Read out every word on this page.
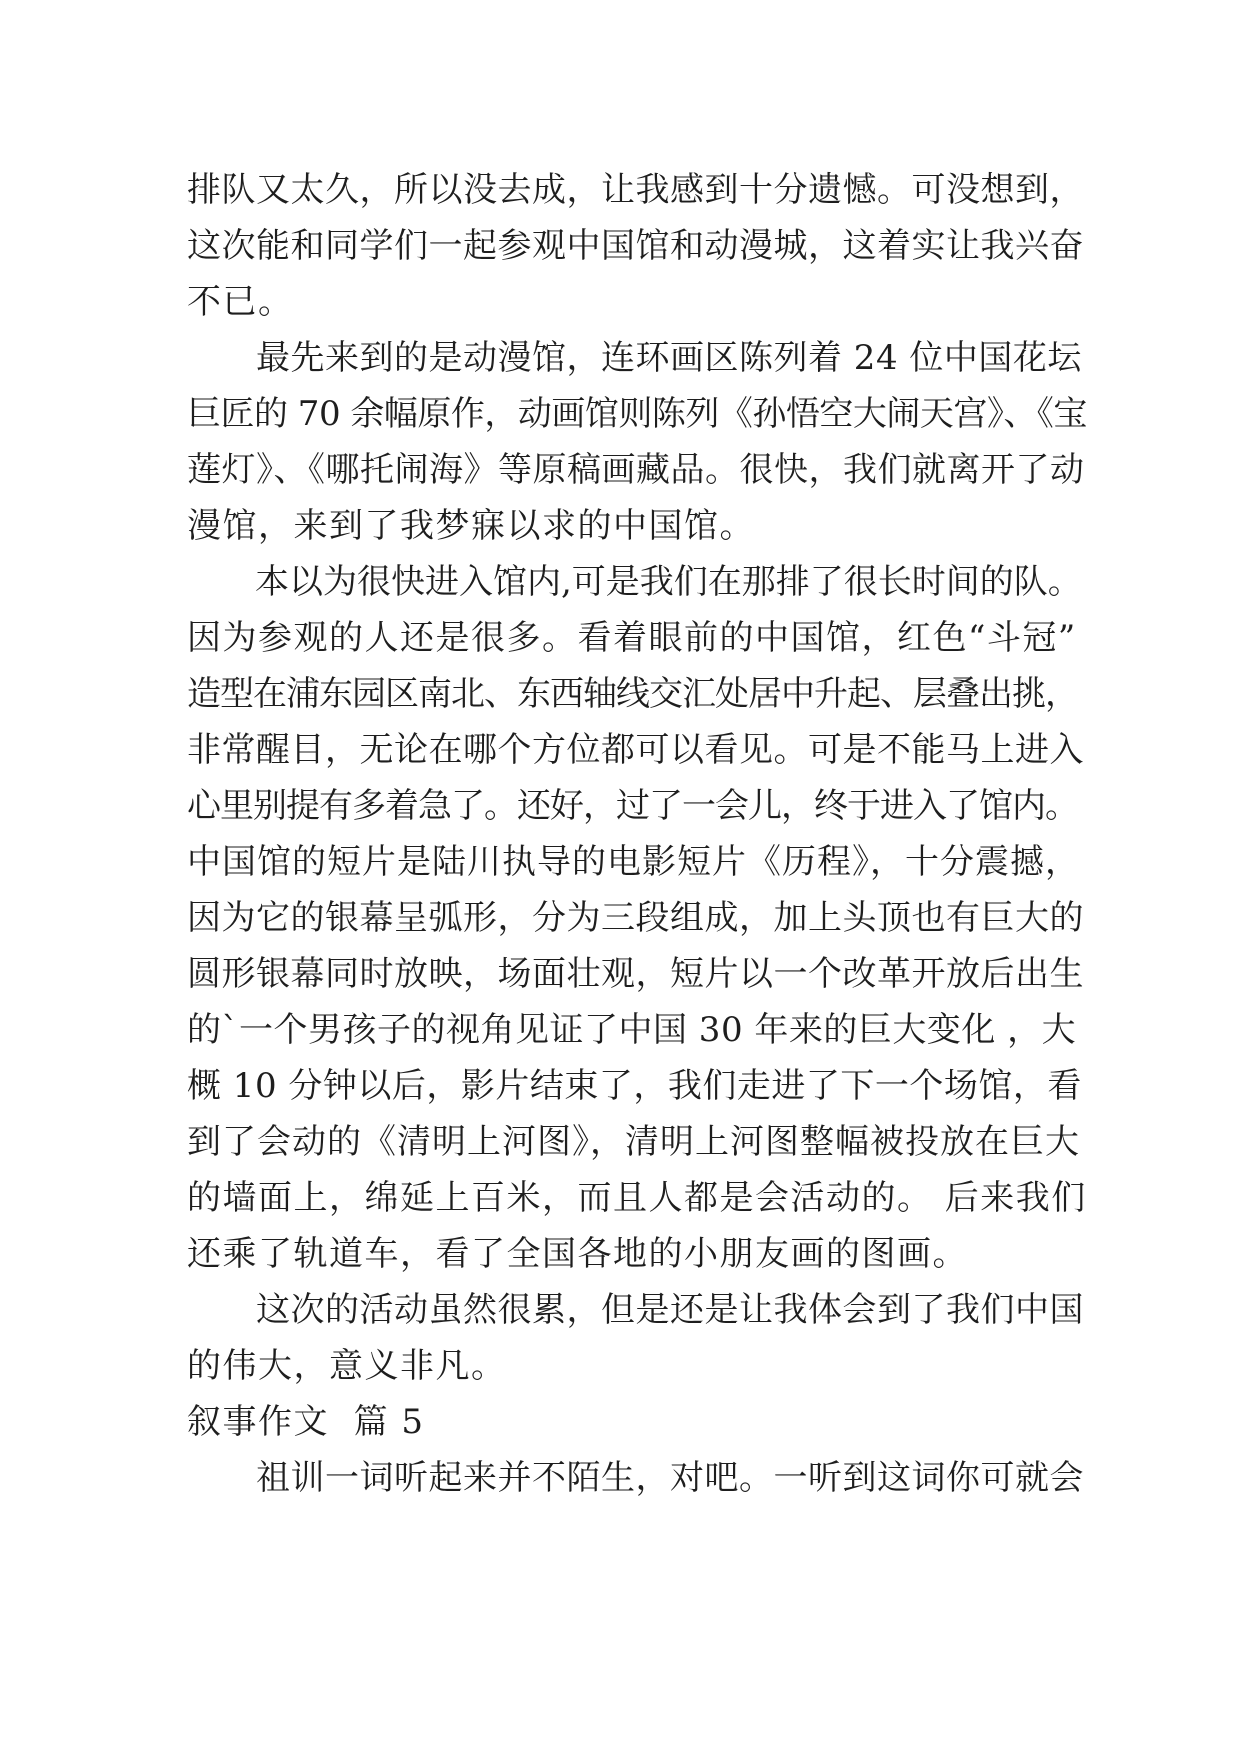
排队又太久，所以没去成，让我感到十分遗憾。可没想到，
这次能和同学们一起参观中国馆和动漫城，这着实让我兴奋
不已。
　　最先来到的是动漫馆，连环画区陈列着 24 位中国花坛
巨匠的 70 余幅原作，动画馆则陈列《孙悟空大闹天宫》、《宝
莲灯》、《哪托闹海》等原稿画藏品。很快，我们就离开了动
漫馆，来到了我梦寐以求的中国馆。
　　本以为很快进入馆内,可是我们在那排了很长时间的队。
因为参观的人还是很多。看着眼前的中国馆，红色“斗冠”
造型在浦东园区南北、东西轴线交汇处居中升起、层叠出挑，
非常醒目，无论在哪个方位都可以看见。可是不能马上进入
心里别提有多着急了。还好，过了一会儿，终于进入了馆内。
中国馆的短片是陆川执导的电影短片《历程》，十分震撼，
因为它的银幕呈弧形，分为三段组成，加上头顶也有巨大的
圆形银幕同时放映，场面壮观，短片以一个改革开放后出生
的`一个男孩子的视角见证了中国 30 年来的巨大变化 ，大
概 10 分钟以后，影片结束了，我们走进了下一个场馆，看
到了会动的《清明上河图》，清明上河图整幅被投放在巨大
的墙面上，绵延上百米，而且人都是会活动的。 后来我们
还乘了轨道车，看了全国各地的小朋友画的图画。
　　这次的活动虽然很累，但是还是让我体会到了我们中国
的伟大，意义非凡。
叙事作文  篇 5
　　祖训一词听起来并不陌生，对吧。一听到这词你可就会
